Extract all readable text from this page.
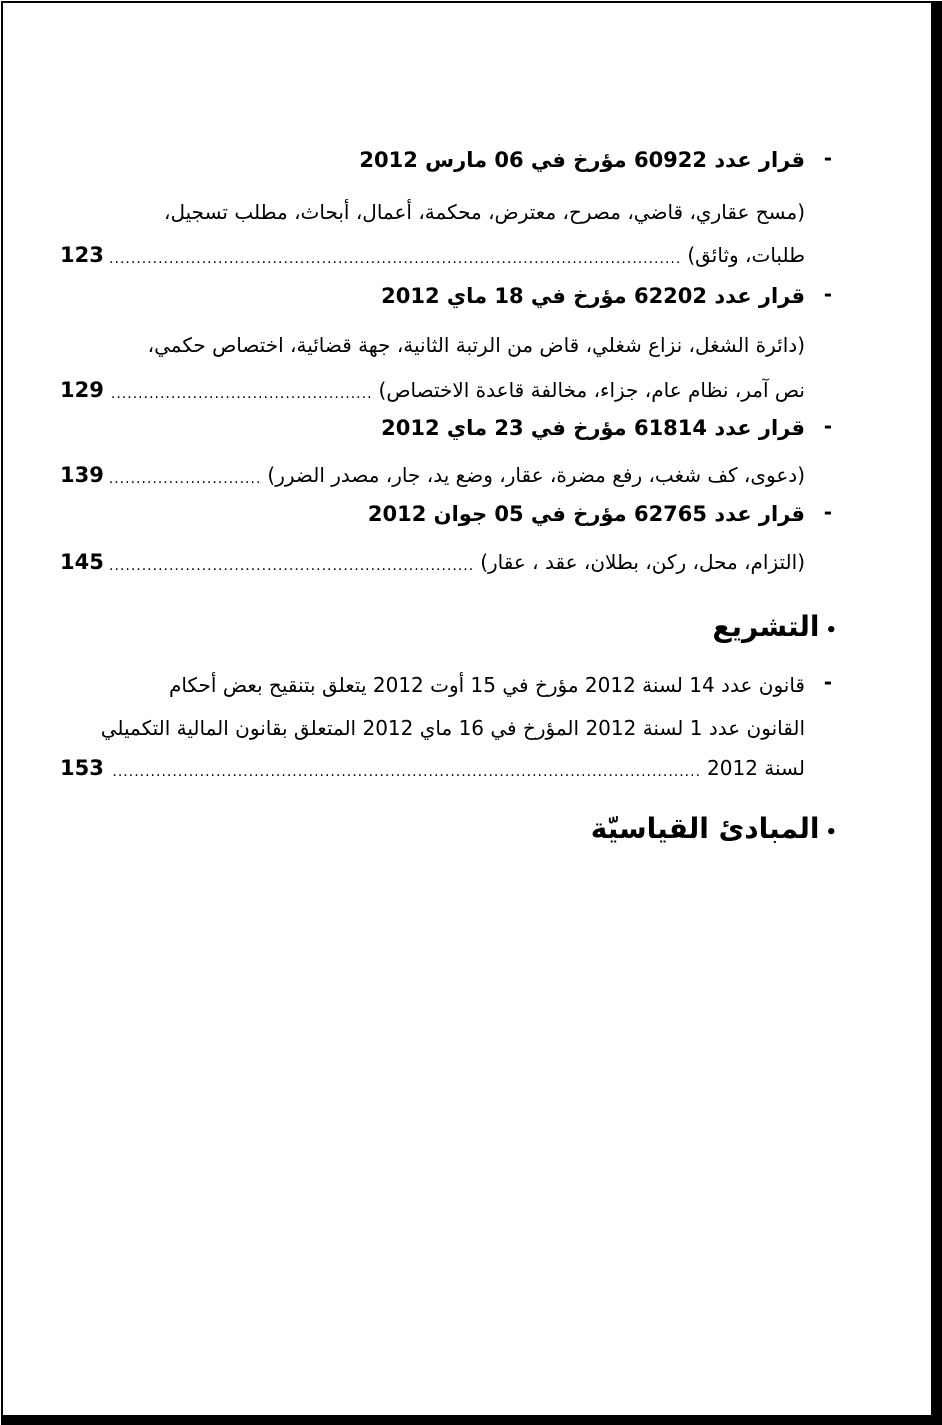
-
قرار عدد 60922 مؤرخ في 06 مارس 2012
(مسح عقاري، قاضي، مصرح، معترض، محكمة، أعمال، أبحاث، مطلب تسجيل،
طلبات، وثائق)
.....
123
-
قرار عدد 62202 مؤرخ في 18 ماي 2012
(دائرة الشغل، نزاع شغلي، قاض من الرتبة الثانية، جهة قضائية، اختصاص حكمي،
نص آمر، نظام عام، جزاء، مخالفة قاعدة الاختصاص)
.....
129
-
قرار عدد 61814 مؤرخ في 23 ماي 2012
(دعوى، كف شغب، رفع مضرة، عقار، وضع يد، جار، مصدر الضرر)
.....
139
-
قرار عدد 62765 مؤرخ في 05 جوان 2012
(التزام، محل، ركن، بطلان، عقد ، عقار)
.....
145
•التشريع
-
قانون عدد 14 لسنة 2012 مؤرخ في 15 أوت 2012 يتعلق بتنقيح بعض أحكام
القانون عدد 1 لسنة 2012 المؤرخ في 16 ماي 2012 المتعلق بقانون المالية التكميلي
لسنة 2012
.....
153
•المبادئ القياسيّة
